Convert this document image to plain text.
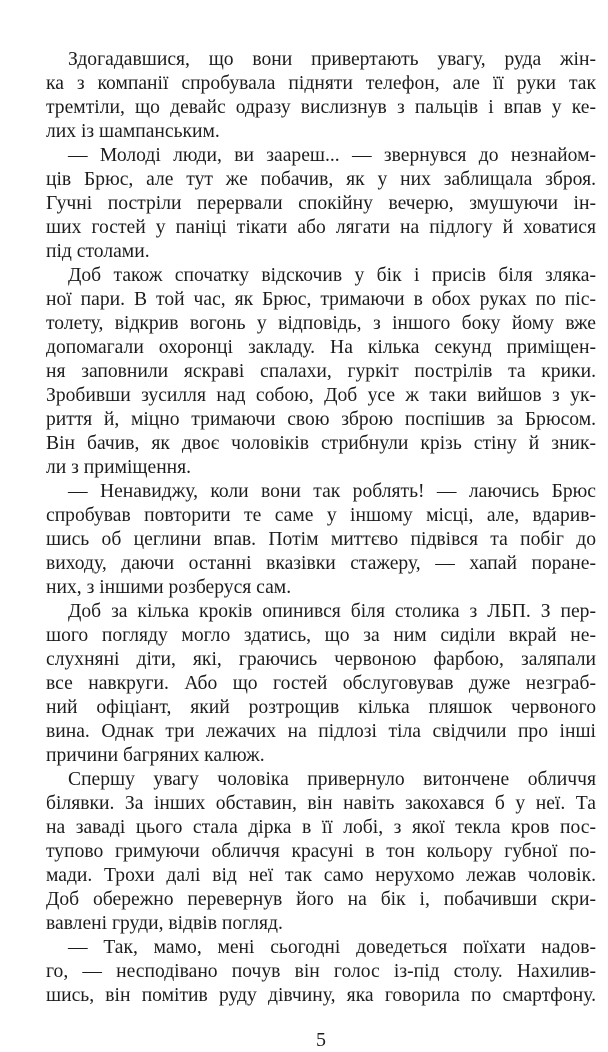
Здогадавшися, що вони привертають увагу, руда жін-
ка з компанії спробувала підняти телефон, але її руки так
тремтіли, що девайс одразу вислизнув з пальців і впав у ке-
лих із шампанським.
— Молоді люди, ви зaареш... — звернувся до незнайом-
ців Брюс, але тут же побачив, як у них заблищала зброя.
Гучні постріли перервали спокійну вечерю, змушуючи ін-
ших гостей у паніці тікати або лягати на підлогу й ховатися
під столами.
Доб також спочатку відскочив у бік і присів біля зляка-
ної пари. В той час, як Брюс, тримаючи в обох руках по піс-
толету, відкрив вогонь у відповідь, з іншого боку йому вже
допомагали охоронці закладу. На кілька секунд приміщен-
ня заповнили яскраві спалахи, гуркіт пострілів та крики.
Зробивши зусилля над собою, Доб усе ж таки вийшов з ук-
риття й, міцно тримаючи свою зброю поспішив за Брюсом.
Він бачив, як двоє чоловіків стрибнули крізь стіну й зник-
ли з приміщення.
— Ненавиджу, коли вони так роблять! — лаючись Брюс
спробував повторити те саме у іншому місці, але, вдарив-
шись об цеглини впав. Потім миттєво підвівся та побіг до
виходу, даючи останні вказівки стажеру, — хапай поране-
них, з іншими розберуся сам.
Доб за кілька кроків опинився біля столика з ЛБП. З пер-
шого погляду могло здатись, що за ним сиділи вкрай не-
слухняні діти, які, граючись червоною фарбою, заляпали
все навкруги. Або що гостей обслуговував дуже незграб-
ний офіціант, який розтрощив кілька пляшок червоного
вина. Однак три лежачих на підлозі тіла свідчили про інші
причини багряних калюж.
Спершу увагу чоловіка привернуло витончене обличчя
білявки. За інших обставин, він навіть закохався б у неї. Та
на заваді цього стала дірка в її лобі, з якої текла кров пос-
тупово гримуючи обличчя красуні в тон кольору губної по-
мади. Трохи далі від неї так само нерухомо лежав чоловік.
Доб обережно перевернув його на бік і, побачивши скри-
вавлені груди, відвів погляд.
— Так, мамо, мені сьогодні доведеться поїхати надов-
го, — несподівано почув він голос із-під столу. Нахилив-
шись, він помітив руду дівчину, яка говорила по смартфону.
5
